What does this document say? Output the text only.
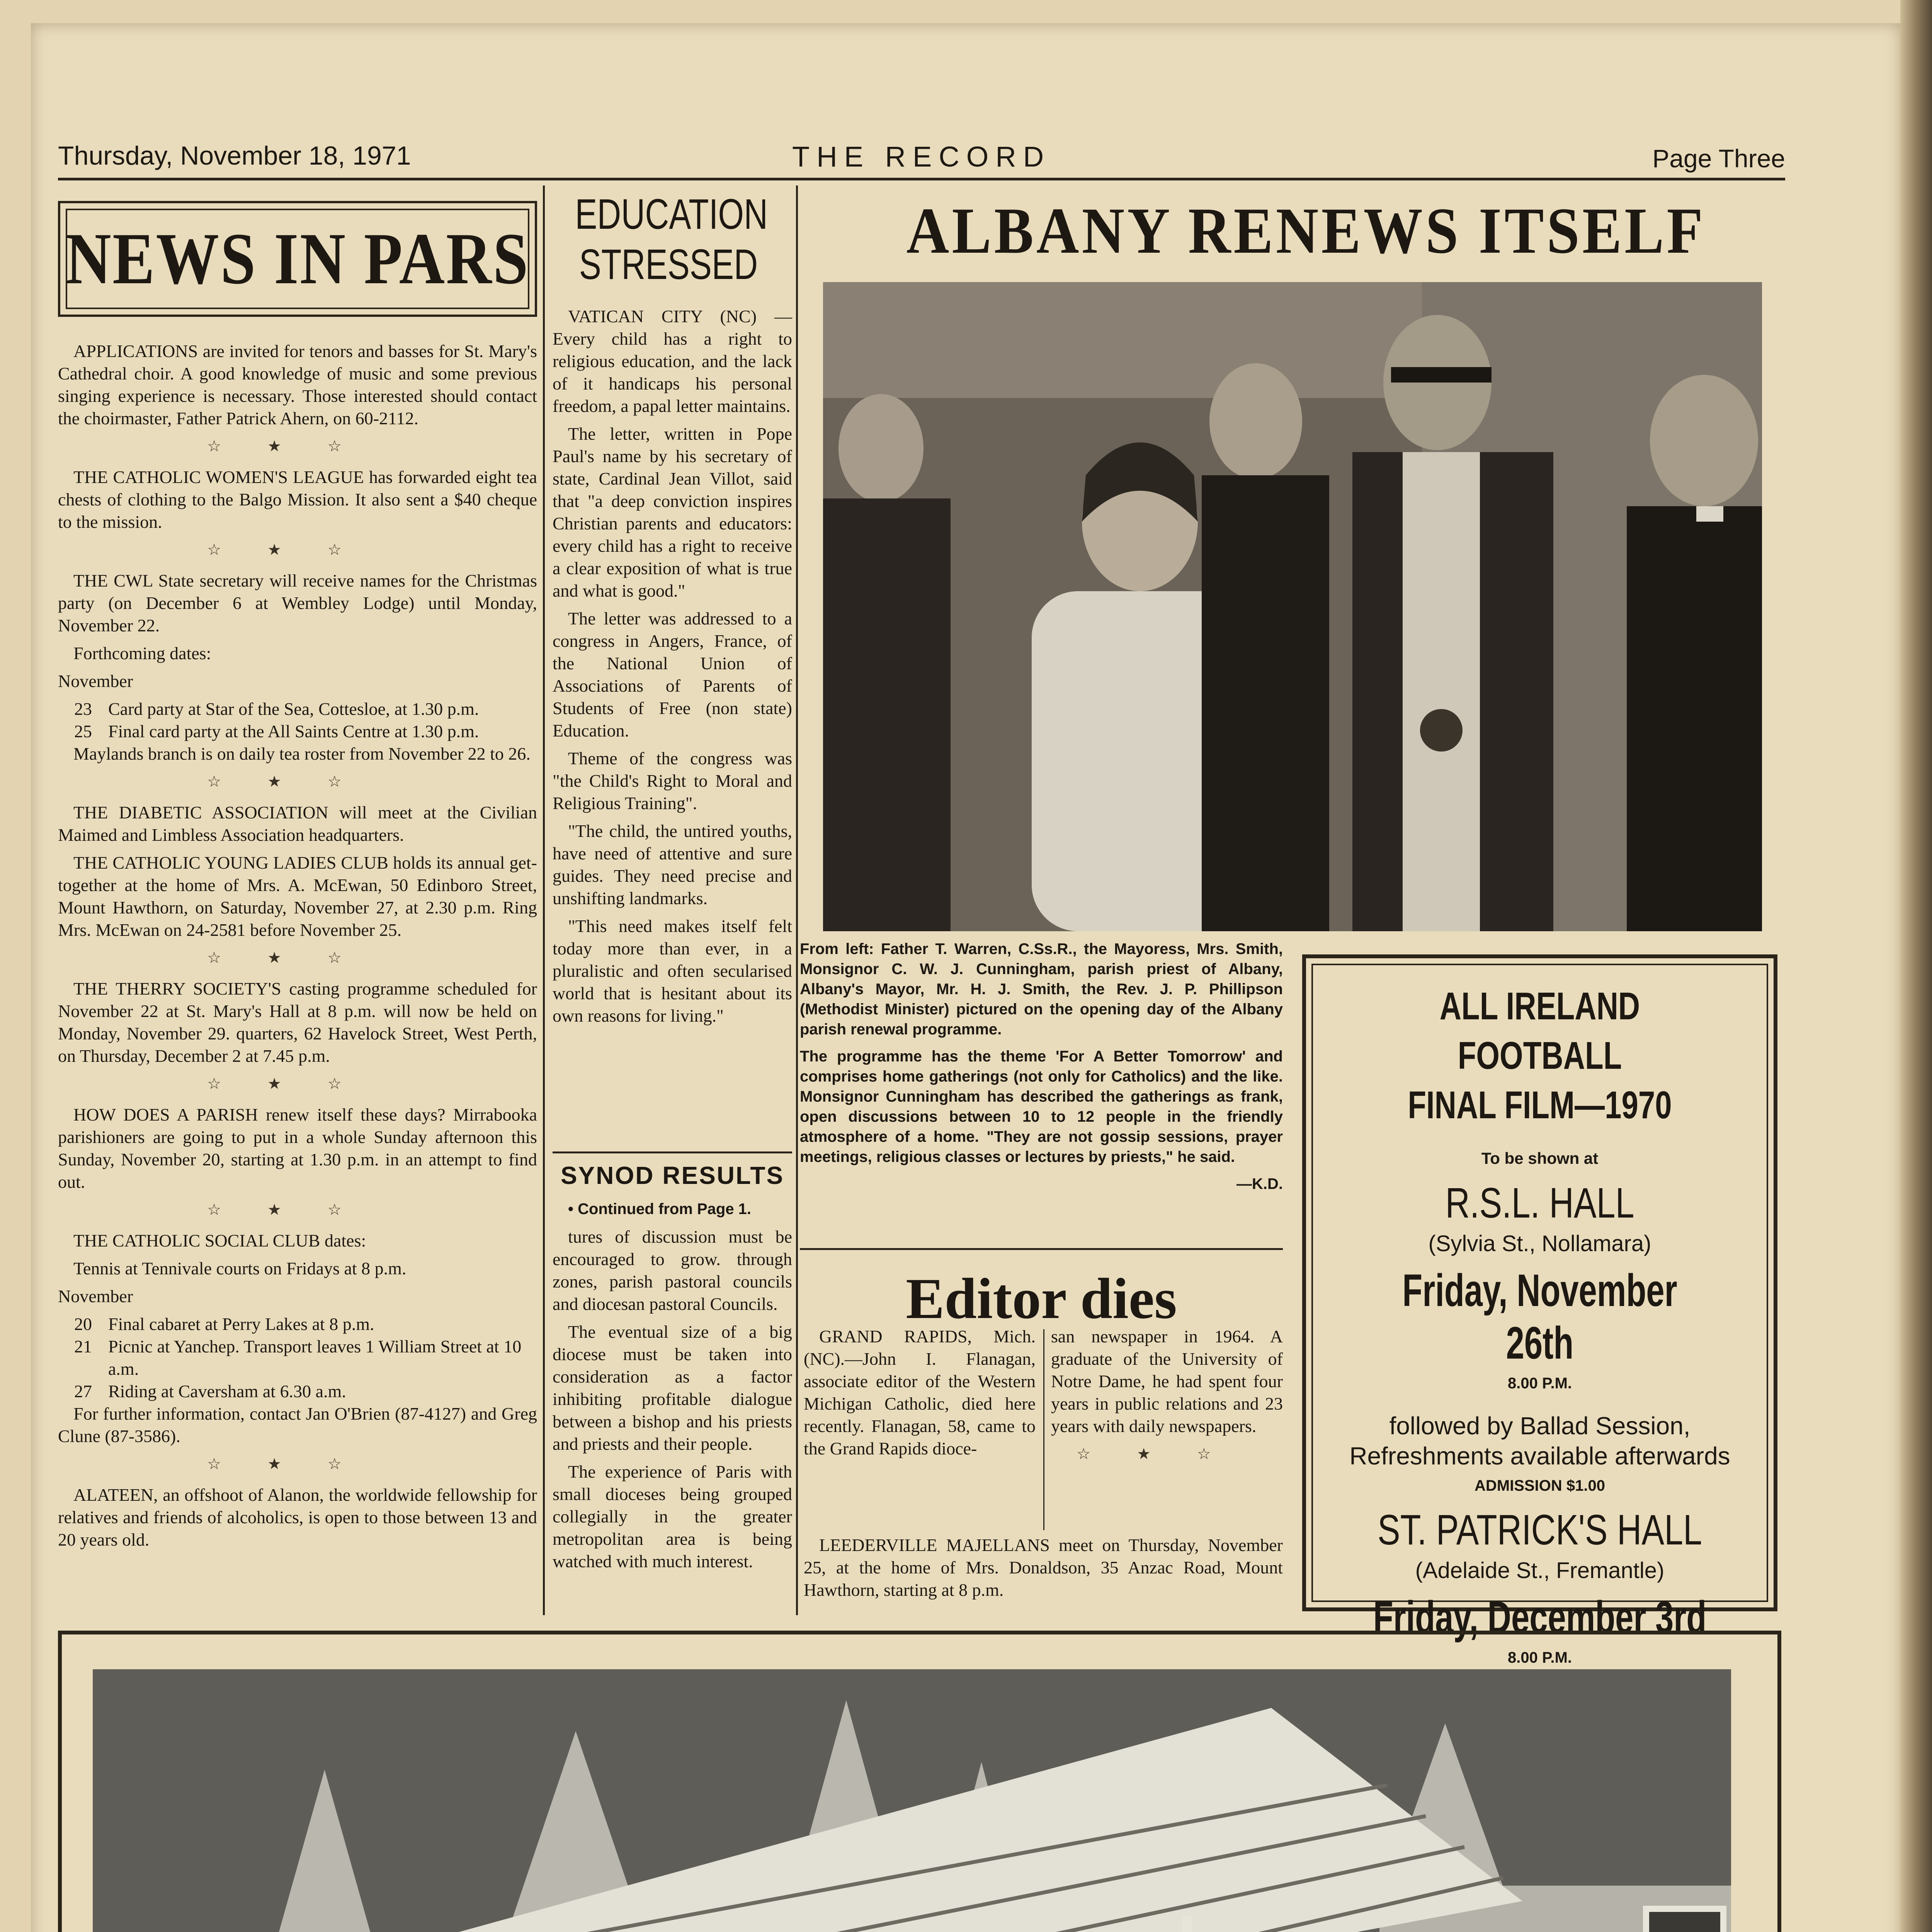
Thursday, November 18, 1971	THE RECORD	Page Three
NEWS IN PARS

APPLICATIONS are invited for tenors and basses for St. Mary's Cathedral choir. A good knowledge of music and some previous singing experience is necessary. Those interested should contact the choirmaster, Father Patrick Ahern, on 60-2112.

☆★☆

THE CATHOLIC WOMEN'S LEAGUE has forwarded eight tea chests of clothing to the Balgo Mission. It also sent a $40 cheque to the mission.

☆★☆

THE CWL State secretary will receive names for the Christmas party (on December 6 at Wembley Lodge) until Monday, November 22.

Forthcoming dates:

November

23 Card party at Star of the Sea, Cottesloe, at 1.30 p.m.
25 Final card party at the All Saints Centre at 1.30 p.m.

Maylands branch is on daily tea roster from November 22 to 26.

☆★☆

THE DIABETIC ASSOCIATION will meet at the Civilian Maimed and Limbless Association headquarters.

THE CATHOLIC YOUNG LADIES CLUB holds its annual get-together at the home of Mrs. A. McEwan, 50 Edinboro Street, Mount Hawthorn, on Saturday, November 27, at 2.30 p.m. Ring Mrs. McEwan on 24-2581 before November 25.

☆★☆

THE THERRY SOCIETY'S casting programme scheduled for November 22 at St. Mary's Hall at 8 p.m. will now be held on Monday, November 29. quarters, 62 Havelock Street, West Perth, on Thursday, December 2 at 7.45 p.m.

☆★☆

HOW DOES A PARISH renew itself these days? Mirrabooka parishioners are going to put in a whole Sunday afternoon this Sunday, November 20, starting at 1.30 p.m. in an attempt to find out.

☆★☆

THE CATHOLIC SOCIAL CLUB dates:

Tennis at Tennivale courts on Fridays at 8 p.m.

November

20 Final cabaret at Perry Lakes at 8 p.m.
21 Picnic at Yanchep. Transport leaves 1 William Street at 10 a.m.
27 Riding at Caversham at 6.30 a.m.

For further information, contact Jan O'Brien (87-4127) and Greg Clune (87-3586).

☆★☆

ALATEEN, an offshoot of Alanon, the worldwide fellowship for relatives and friends of alcoholics, is open to those between 13 and 20 years old.

EDUCATION
STRESSED

VATICAN CITY (NC) —Every child has a right to religious education, and the lack of it handicaps his personal freedom, a papal letter maintains.

The letter, written in Pope Paul's name by his secretary of state, Cardinal Jean Villot, said that "a deep conviction inspires Christian parents and educators: every child has a right to receive a clear exposition of what is true and what is good."

The letter was addressed to a congress in Angers, France, of the National Union of Associations of Parents of Students of Free (non state) Education.

Theme of the congress was "the Child's Right to Moral and Religious Training".

"The child, the untired youths, have need of attentive and sure guides. They need precise and unshifting landmarks.

"This need makes itself felt today more than ever, in a pluralistic and often secularised world that is hesitant about its own reasons for living."

SYNOD RESULTS

• Continued from Page 1.

tures of discussion must be encouraged to grow. through zones, parish pastoral councils and diocesan pastoral Councils.

The eventual size of a big diocese must be taken into consideration as a factor inhibiting profitable dialogue between a bishop and his priests and priests and their people.

The experience of Paris with small dioceses being grouped collegially in the greater metropolitan area is being watched with much interest.

ALBANY RENEWS ITSELF

From left: Father T. Warren, C.Ss.R., the Mayoress, Mrs. Smith, Monsignor C. W. J. Cunningham, parish priest of Albany, Albany's Mayor, Mr. H. J. Smith, the Rev. J. P. Phillipson (Methodist Minister) pictured on the opening day of the Albany parish renewal programme.

The programme has the theme 'For A Better Tomorrow' and comprises home gatherings (not only for Catholics) and the like. Monsignor Cunningham has described the gatherings as frank, open discussions between 10 to 12 people in the friendly atmosphere of a home. "They are not gossip sessions, prayer meetings, religious classes or lectures by priests," he said.

—K.D.

Editor dies

GRAND RAPIDS, Mich. (NC).—John I. Flanagan, associate editor of the Western Michigan Catholic, died here recently. Flanagan, 58, came to the Grand Rapids dioce-

san newspaper in 1964. A graduate of the University of Notre Dame, he had spent four years in public relations and 23 years with daily newspapers.

☆★☆

LEEDERVILLE MAJELLANS meet on Thursday, November 25, at the home of Mrs. Donaldson, 35 Anzac Road, Mount Hawthorn, starting at 8 p.m.

ALL IRELAND FOOTBALL
FINAL FILM—1970
To be shown at
R.S.L. HALL
(Sylvia St., Nollamara)
Friday, November 26th
8.00 P.M.
followed by Ballad Session,
Refreshments available afterwards
ADMISSION $1.00
ST. PATRICK'S HALL
(Adelaide St., Fremantle)
Friday, December 3rd
8.00 P.M.
